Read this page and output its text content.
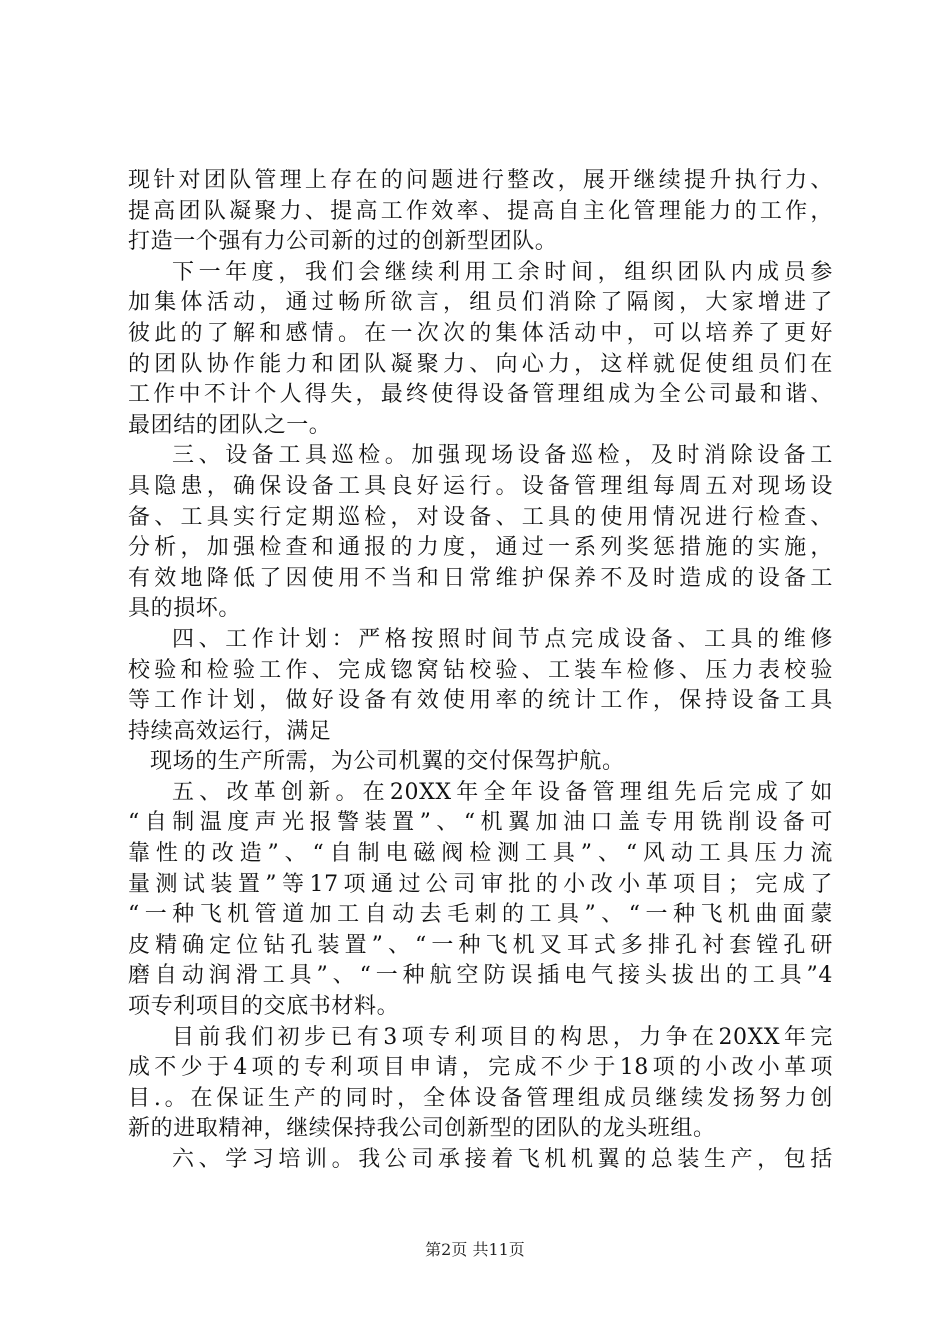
现针对团队管理上存在的问题进行整改，展开继续提升执行力、
提高团队凝聚力、提高工作效率、提高自主化管理能力的工作，
打造一个强有力公司新的过的创新型团队。
下一年度，我们会继续利用工余时间，组织团队内成员参
加集体活动，通过畅所欲言，组员们消除了隔阂，大家增进了
彼此的了解和感情。在一次次的集体活动中，可以培养了更好
的团队协作能力和团队凝聚力、向心力，这样就促使组员们在
工作中不计个人得失，最终使得设备管理组成为全公司最和谐、
最团结的团队之一。
三、设备工具巡检。加强现场设备巡检，及时消除设备工
具隐患，确保设备工具良好运行。设备管理组每周五对现场设
备、工具实行定期巡检，对设备、工具的使用情况进行检查、
分析，加强检查和通报的力度，通过一系列奖惩措施的实施，
有效地降低了因使用不当和日常维护保养不及时造成的设备工
具的损坏。
四、工作计划：严格按照时间节点完成设备、工具的维修
校验和检验工作、完成锪窝钻校验、工装车检修、压力表校验
等工作计划，做好设备有效使用率的统计工作，保持设备工具
持续高效运行，满足
现场的生产所需，为公司机翼的交付保驾护航。
五、改革创新。在20XX年全年设备管理组先后完成了如
“自制温度声光报警装置”、“机翼加油口盖专用铣削设备可
靠性的改造”、“自制电磁阀检测工具”、“风动工具压力流
量测试装置”等17项通过公司审批的小改小革项目；完成了
“一种飞机管道加工自动去毛刺的工具”、“一种飞机曲面蒙
皮精确定位钻孔装置”、“一种飞机叉耳式多排孔衬套镗孔研
磨自动润滑工具”、“一种航空防误插电气接头拔出的工具”4
项专利项目的交底书材料。
目前我们初步已有3项专利项目的构思，力争在20XX年完
成不少于4项的专利项目申请，完成不少于18项的小改小革项
目.。在保证生产的同时，全体设备管理组成员继续发扬努力创
新的进取精神，继续保持我公司创新型的团队的龙头班组。
六、学习培训。我公司承接着飞机机翼的总装生产，包括
第2页 共11页
